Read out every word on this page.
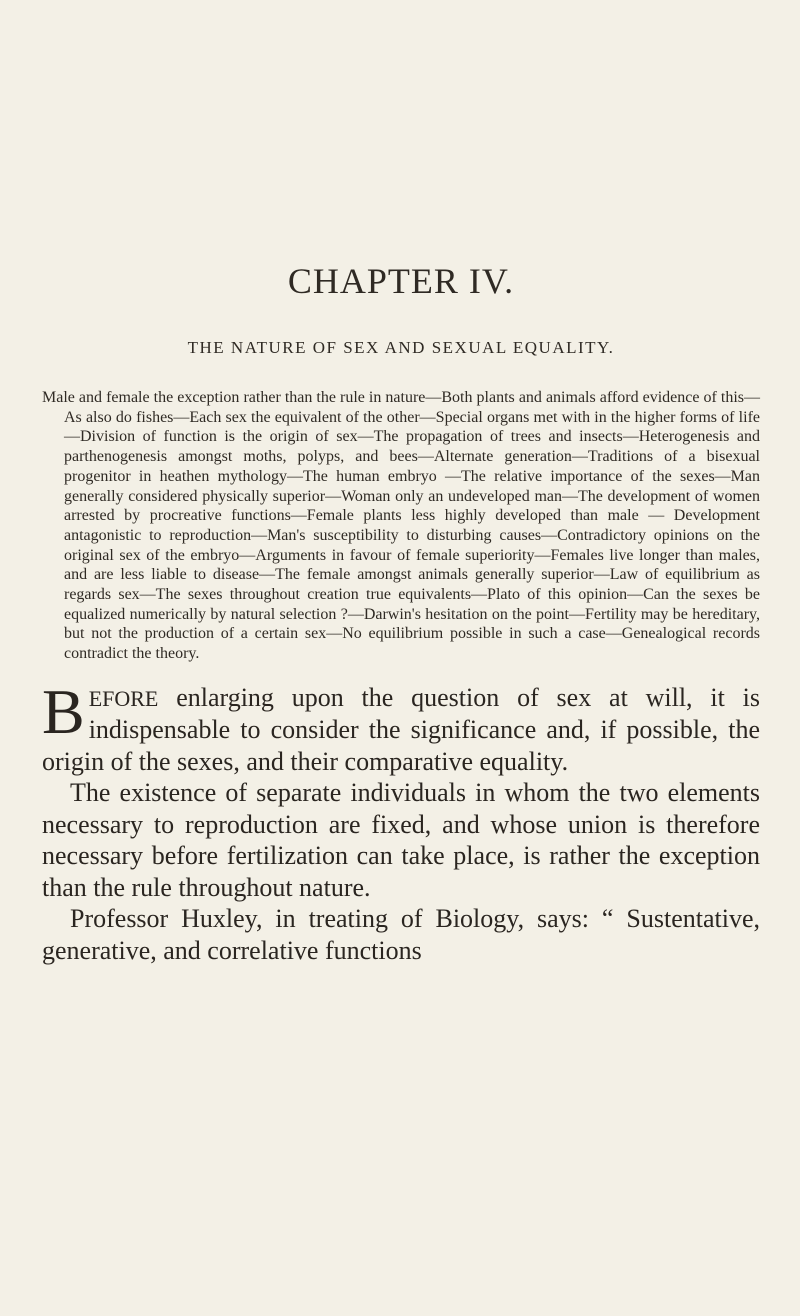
CHAPTER IV.
THE NATURE OF SEX AND SEXUAL EQUALITY.

Male and female the exception rather than the rule in nature—Both plants and animals afford evidence of this—As also do fishes—Each sex the equivalent of the other—Special organs met with in the higher forms of life—Division of function is the origin of sex—The propagation of trees and insects—Heterogenesis and parthenogenesis amongst moths, polyps, and bees—Alternate generation—Traditions of a bisexual progenitor in heathen mythology—The human embryo —The relative importance of the sexes—Man generally considered physically superior—Woman only an undeveloped man—The development of women arrested by procreative functions—Female plants less highly developed than male — Development antagonistic to reproduction—Man's susceptibility to disturbing causes—Contradictory opinions on the original sex of the embryo—Arguments in favour of female superiority—Females live longer than males, and are less liable to disease—The female amongst animals generally superior—Law of equilibrium as regards sex—The sexes throughout creation true equivalents—Plato of this opinion—Can the sexes be equalized numerically by natural selection ?—Darwin's hesitation on the point—Fertility may be hereditary, but not the production of a certain sex—No equilibrium possible in such a case—Genealogical records contradict the theory.

BEFORE enlarging upon the question of sex at will, it is indispensable to consider the significance and, if possible, the origin of the sexes, and their comparative equality.

The existence of separate individuals in whom the two elements necessary to reproduction are fixed, and whose union is therefore necessary before fertilization can take place, is rather the exception than the rule throughout nature.

Professor Huxley, in treating of Biology, says: “ Sustentative, generative, and correlative functions
